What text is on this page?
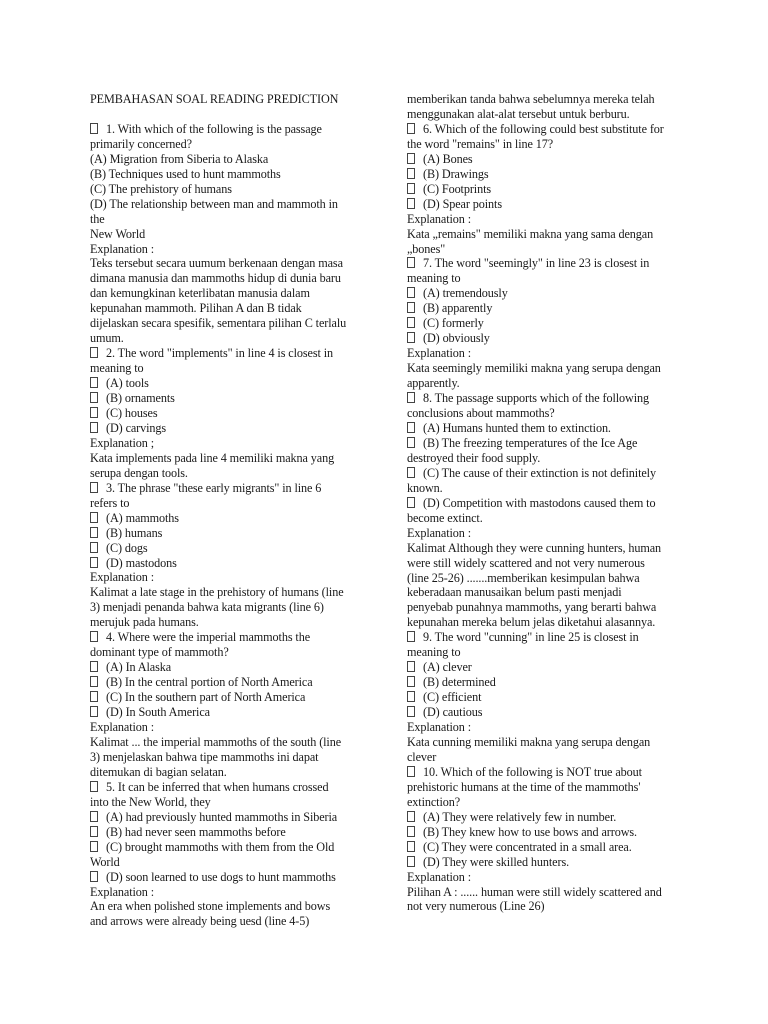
PEMBAHASAN SOAL READING PREDICTION
1. With which of the following is the passage
primarily concerned?
(A) Migration from Siberia to Alaska
(B) Techniques used to hunt mammoths
(C) The prehistory of humans
(D) The relationship between man and mammoth in
the
New World
Explanation :
Teks tersebut secara uumum berkenaan dengan masa
dimana manusia dan mammoths hidup di dunia baru
dan kemungkinan keterlibatan manusia dalam
kepunahan mammoth. Pilihan A dan B tidak
dijelaskan secara spesifik, sementara pilihan C terlalu
umum.
2. The word "implements" in line 4 is closest in
meaning to
(A) tools
(B) ornaments
(C) houses
(D) carvings
Explanation ;
Kata implements pada line 4 memiliki makna yang
serupa dengan tools.
3. The phrase "these early migrants" in line 6
refers to
(A) mammoths
(B) humans
(C) dogs
(D) mastodons
Explanation :
Kalimat a late stage in the prehistory of humans (line
3) menjadi penanda bahwa kata migrants (line 6)
merujuk pada humans.
4. Where were the imperial mammoths the
dominant type of mammoth?
(A) In Alaska
(B) In the central portion of North America
(C) In the southern part of North America
(D) In South America
Explanation :
Kalimat ... the imperial mammoths of the south (line
3) menjelaskan bahwa tipe mammoths ini dapat
ditemukan di bagian selatan.
5. It can be inferred that when humans crossed
into the New World, they
(A) had previously hunted mammoths in Siberia
(B) had never seen mammoths before
(C) brought mammoths with them from the Old
World
(D) soon learned to use dogs to hunt mammoths
Explanation :
An era when polished stone implements and bows
and arrows were already being uesd (line 4-5)
memberikan tanda bahwa sebelumnya mereka telah
menggunakan alat-alat tersebut untuk berburu.
6. Which of the following could best substitute for
the word "remains" in line 17?
(A) Bones
(B) Drawings
(C) Footprints
(D) Spear points
Explanation :
Kata „remains" memiliki makna yang sama dengan
„bones"
7. The word "seemingly" in line 23 is closest in
meaning to
(A) tremendously
(B) apparently
(C) formerly
(D) obviously
Explanation :
Kata seemingly memiliki makna yang serupa dengan
apparently.
8. The passage supports which of the following
conclusions about mammoths?
(A) Humans hunted them to extinction.
(B) The freezing temperatures of the Ice Age
destroyed their food supply.
(C) The cause of their extinction is not definitely
known.
(D) Competition with mastodons caused them to
become extinct.
Explanation :
Kalimat Although they were cunning hunters, human
were still widely scattered and not very numerous
(line 25-26) .......memberikan kesimpulan bahwa
keberadaan manusaikan belum pasti menjadi
penyebab punahnya mammoths, yang berarti bahwa
kepunahan mereka belum jelas diketahui alasannya.
9. The word "cunning" in line 25 is closest in
meaning to
(A) clever
(B) determined
(C) efficient
(D) cautious
Explanation :
Kata cunning memiliki makna yang serupa dengan
clever
10. Which of the following is NOT true about
prehistoric humans at the time of the mammoths'
extinction?
(A) They were relatively few in number.
(B) They knew how to use bows and arrows.
(C) They were concentrated in a small area.
(D) They were skilled hunters.
Explanation :
Pilihan A : ...... human were still widely scattered and
not very numerous (Line 26)
